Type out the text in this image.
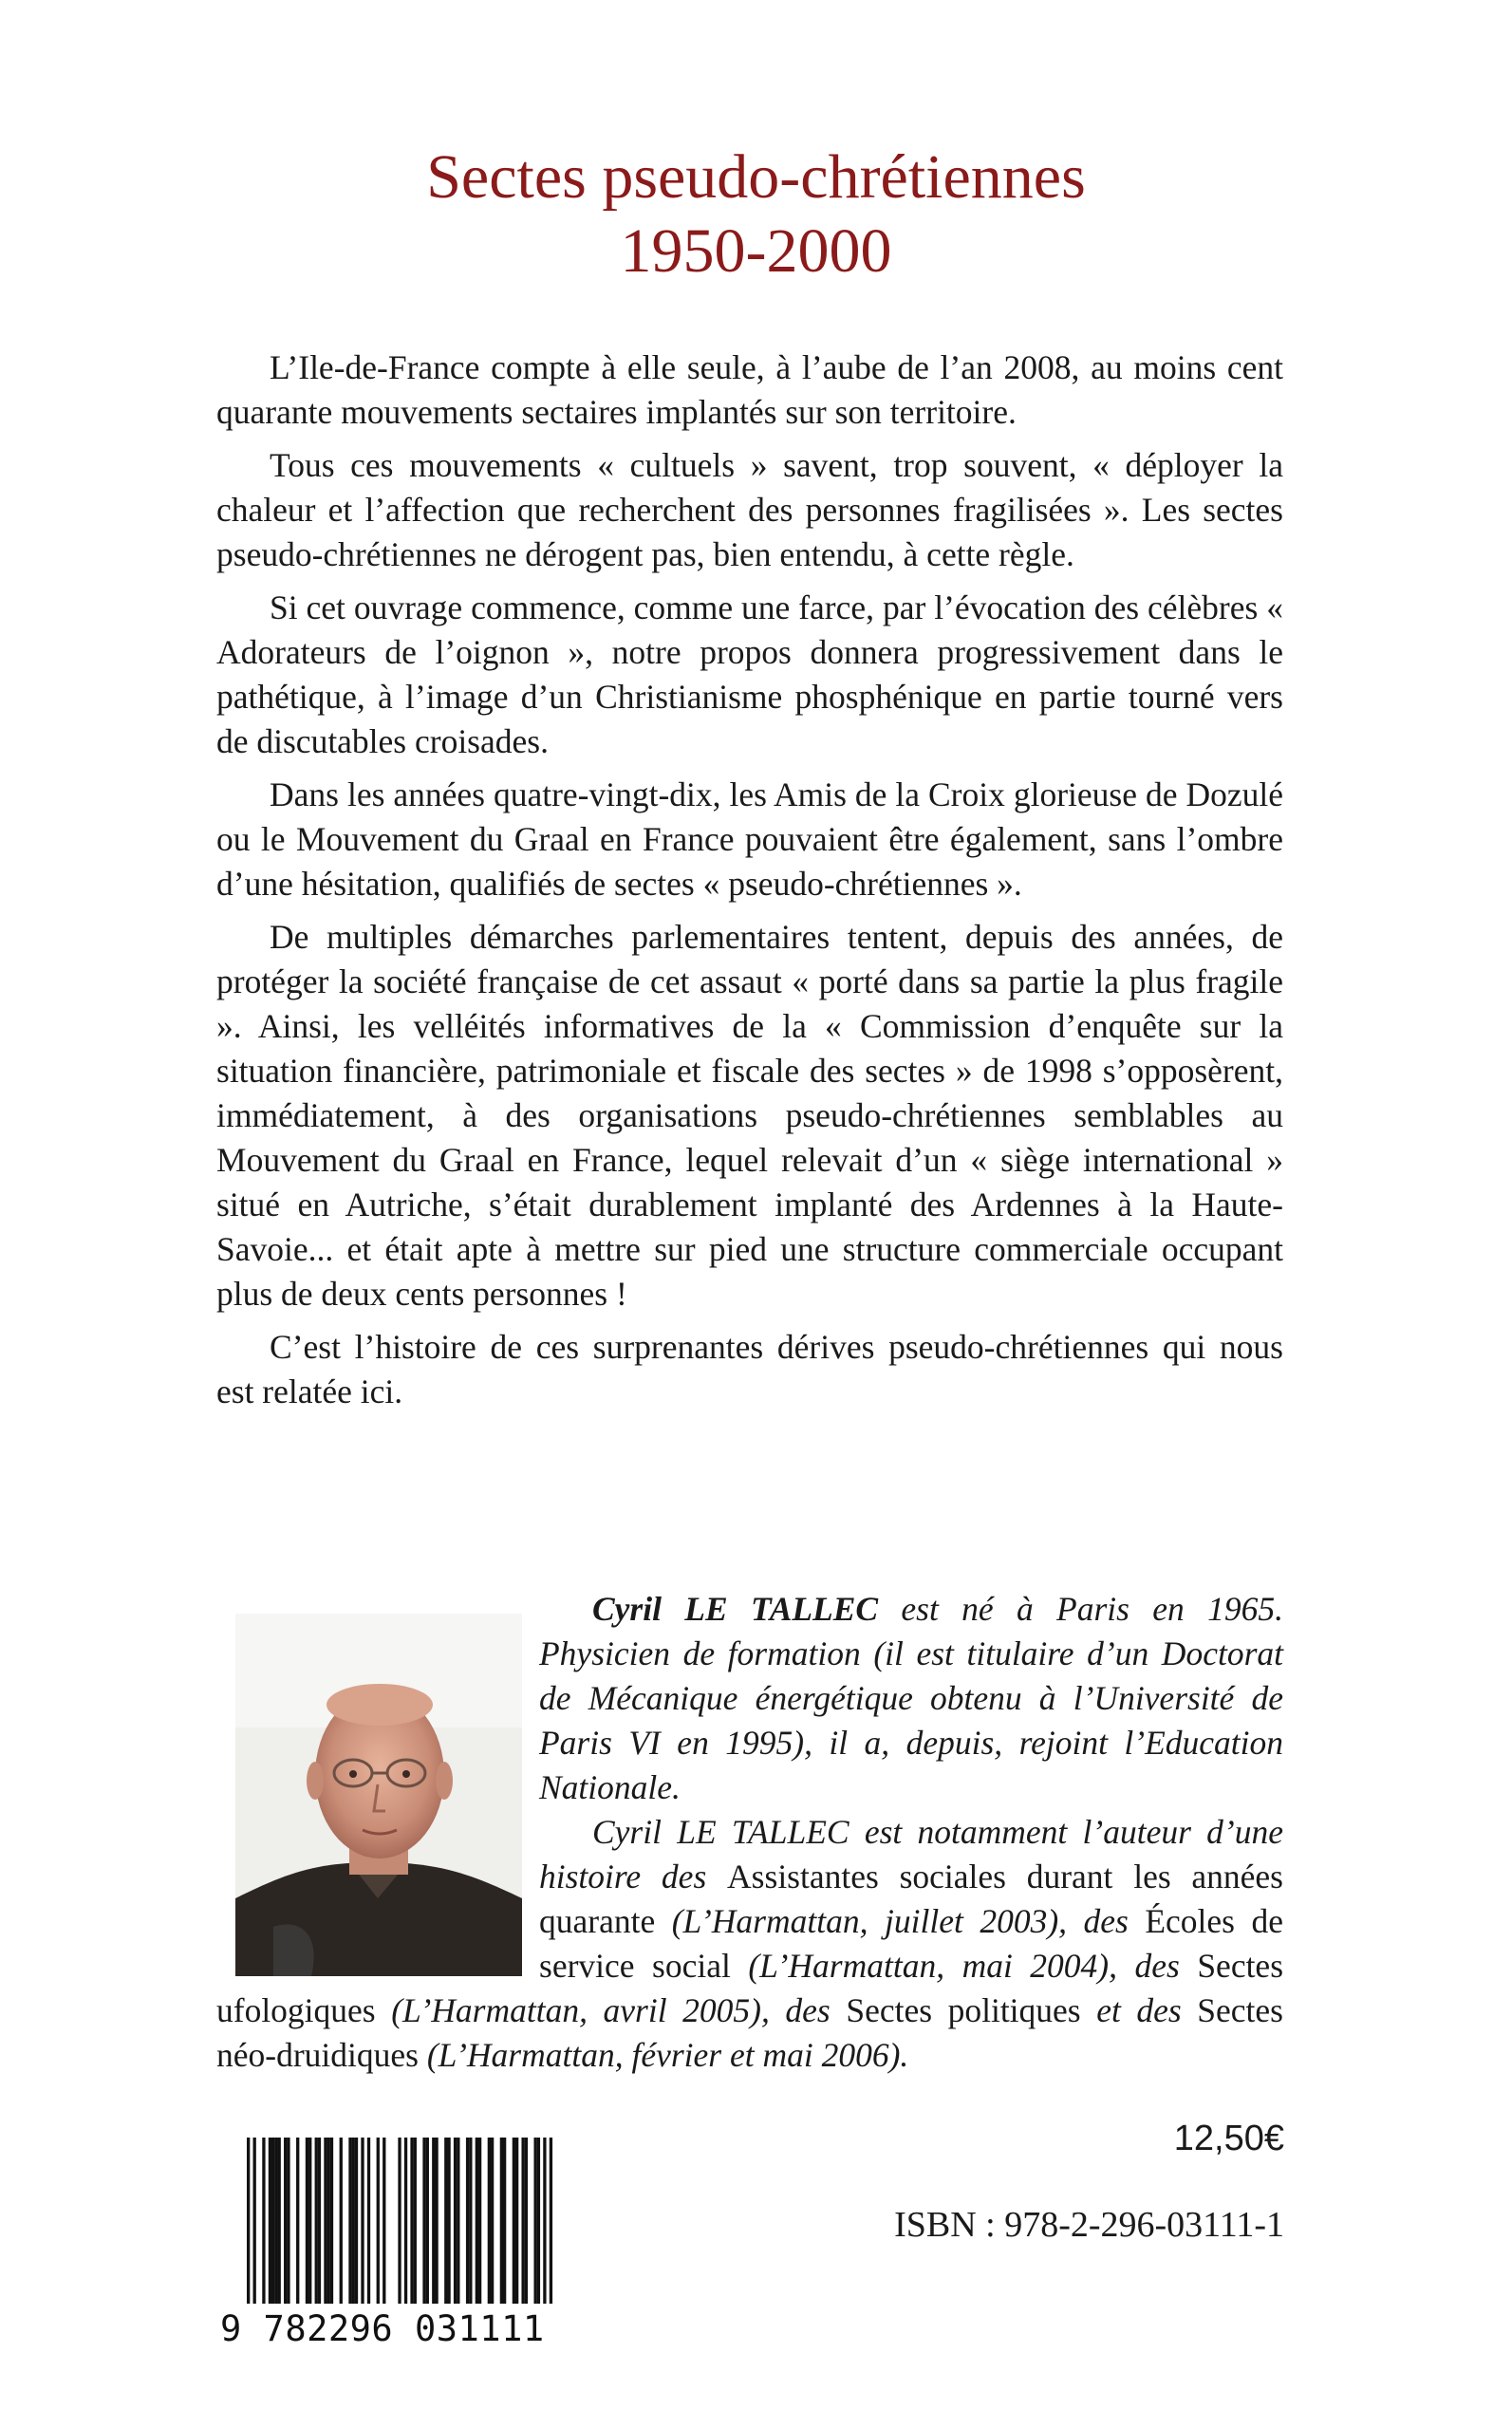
Sectes pseudo-chrétiennes
1950-2000

L’Ile-de-France compte à elle seule, à l’aube de l’an 2008, au moins cent quarante mouvements sectaires implantés sur son territoire.

Tous ces mouvements « cultuels » savent, trop souvent, « déployer la chaleur et l’affection que recherchent des personnes fragilisées ». Les sectes pseudo-chrétiennes ne dérogent pas, bien entendu, à cette règle.

Si cet ouvrage commence, comme une farce, par l’évocation des célèbres « Adorateurs de l’oignon », notre propos donnera progressivement dans le pathétique, à l’image d’un Christianisme phosphénique en partie tourné vers de discutables croisades.

Dans les années quatre-vingt-dix, les Amis de la Croix glorieuse de Dozulé ou le Mouvement du Graal en France pouvaient être également, sans l’ombre d’une hésitation, qualifiés de sectes « pseudo-chrétiennes ».

De multiples démarches parlementaires tentent, depuis des années, de protéger la société française de cet assaut « porté dans sa partie la plus fragile ». Ainsi, les velléités informatives de la « Commission d’enquête sur la situation financière, patrimoniale et fiscale des sectes » de 1998 s’opposèrent, immédiatement, à des organisations pseudo-chrétiennes semblables au Mouvement du Graal en France, lequel relevait d’un « siège international » situé en Autriche, s’était durablement implanté des Ardennes à la Haute-Savoie... et était apte à mettre sur pied une structure commerciale occupant plus de deux cents personnes !

C’est l’histoire de ces surprenantes dérives pseudo-chrétiennes qui nous est relatée ici.

Cyril LE TALLEC est né à Paris en 1965. Physicien de formation (il est titulaire d’un Doctorat de Mécanique énergétique obtenu à l’Université de Paris VI en 1995), il a, depuis, rejoint l’Education Nationale.

Cyril LE TALLEC est notamment l’auteur d’une histoire des Assistantes sociales durant les années quarante (L’Harmattan, juillet 2003), des Écoles de service social (L’Harmattan, mai 2004), des Sectes ufologiques (L’Harmattan, avril 2005), des Sectes politiques et des Sectes néo-druidiques (L’Harmattan, février et mai 2006).

12,50€
ISBN : 978-2-296-03111-1
9 782296 031111
